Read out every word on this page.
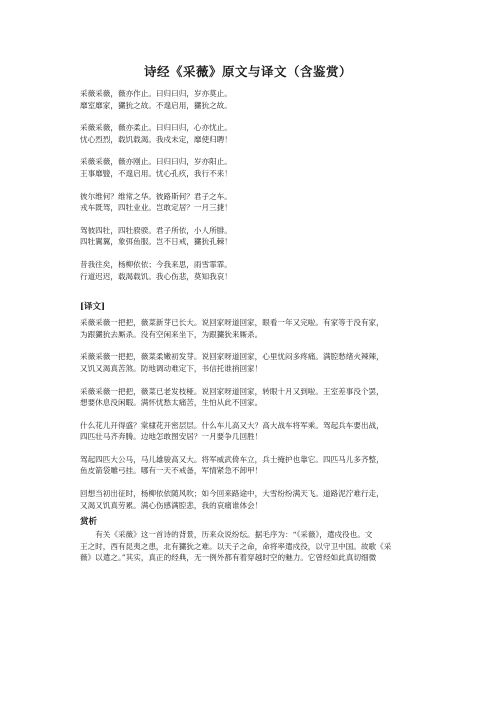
诗经《采薇》原文与译文（含鉴赏）

采薇采薇，薇亦作止。曰归曰归，岁亦莫止。

靡室靡家，玁狁之故。不遑启用，玁狁之故。

采薇采薇，薇亦柔止。曰归曰归，心亦忧止。

忧心烈烈，载饥载渴。我戍未定，靡使归聘！

采薇采薇，薇亦刚止。曰归曰归，岁亦阳止。

王事靡盬，不遑启用。忧心孔疚，我行不来！

彼尔维何？维常之华。彼路斯何？君子之车。

戎车既驾，四牡业业。岂敢定居？一月三捷！

驾彼四牡，四牡骙骙。君子所依，小人所腓。

四牡翼翼，象弭鱼服。岂不日戒，玁狁孔棘！

昔我往矣，杨柳依依；今我来思，雨雪霏霏。

行道迟迟，载渴载饥。我心伤悲，莫知我哀！

[译文]

采薇采薇一把把，薇菜新芽已长大。说回家呀道回家，眼看一年又完啦。有家等于没有家，

为跟玁狁去厮杀。没有空闲来坐下，为跟玁狁来厮杀。

采薇采薇一把把，薇菜柔嫩初发芽。说回家呀道回家，心里忧闷多疼痛。满腔愁绪火辣辣，

又饥又渴真苦煞。防地调动难定下，书信托谁捎回家！

采薇采薇一把把，薇菜已老发枝桠。说回家呀道回家，转眼十月又到啦。王室差事没个罢，

想要休息没闲暇。满怀忧愁太痛苦，生怕从此不回家。

什么花儿开得盛？棠棣花开密层层。什么车儿高又大？高大战车将军乘。驾起兵车要出战，

四匹壮马齐奔腾。边地怎敢图安居？一月要争几回胜！

驾起四匹大公马，马儿雄骏高又大。将军威武倚车立，兵士掩护也靠它。四匹马儿多齐整，

鱼皮箭袋雕弓挂。哪有一天不戒备，军情紧急不卸甲！

回想当初出征时，杨柳依依随风吹；如今回来路途中，大雪纷纷满天飞。道路泥泞难行走，

又渴又饥真劳累。满心伤感满腔悲，我的哀痛谁体会！

赏析

有关《采薇》这一首诗的背景，历来众说纷纭。据毛序为：“《采薇》，遣戍役也。文

王之时，西有昆夷之患，北有玁狁之难。以天子之命，命将率遣戍役，以守卫中国。故歌《采

薇》以遣之。”其实，真正的经典，无一例外都有着穿越时空的魅力。它曾经如此真切细微
